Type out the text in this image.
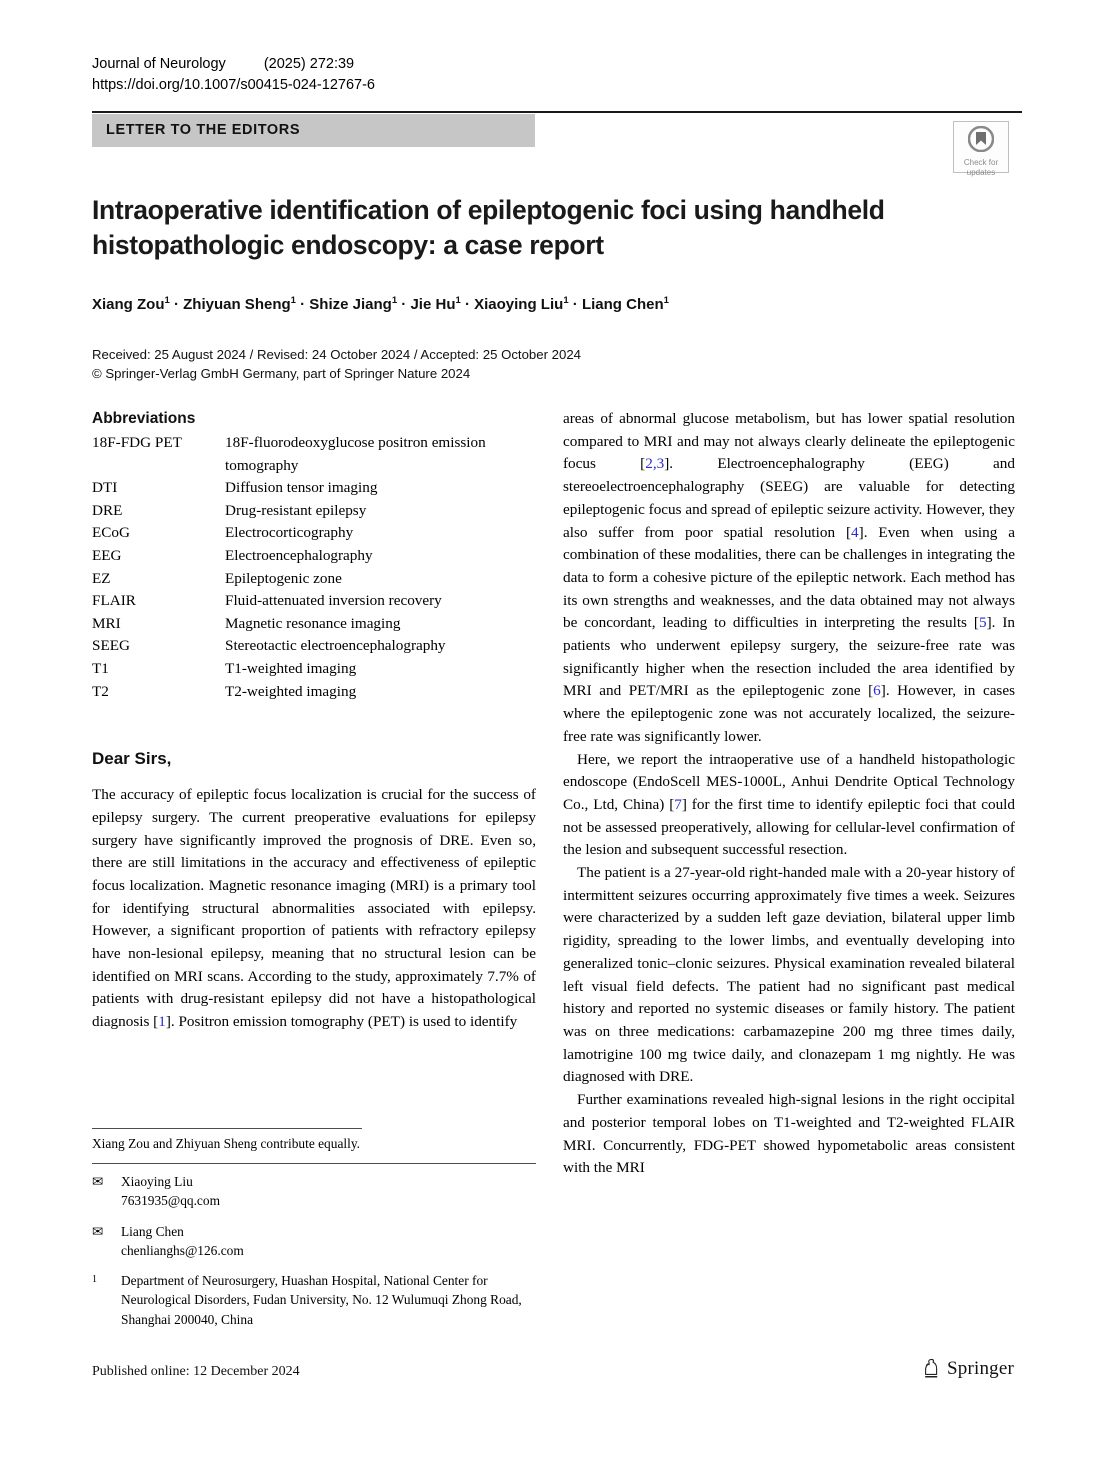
Journal of Neurology	(2025) 272:39
https://doi.org/10.1007/s00415-024-12767-6
LETTER TO THE EDITORS
Check for
updates
Intraoperative identification of epileptogenic foci using handheld histopathologic endoscopy: a case report
Xiang Zou$^1$ · Zhiyuan Sheng$^1$ · Shize Jiang$^1$ · Jie $Hu^1$ · Xiaoying Liu$^1$ · Liang Chen$^1$
Received: 25 August 2024 / Revised: 24 October 2024 / Accepted: 25 October 2024
© Springer-Verlag GmbH Germany, part of Springer Nature 2024
Abbreviations
18F-FDG PET	18F-fluorodeoxyglucose positron emission tomography
DTI	Diffusion tensor imaging
DRE	Drug-resistant epilepsy
ECoG	Electrocorticography
EEG	Electroencephalography
EZ	Epileptogenic zone
FLAIR	Fluid-attenuated inversion recovery
MRI	Magnetic resonance imaging
SEEG	Stereotactic electroencephalography
T1	T1-weighted imaging
T2	T2-weighted imaging
Dear Sirs,

The accuracy of epileptic focus localization is crucial for the success of epilepsy surgery. The current preoperative evaluations for epilepsy surgery have significantly improved the prognosis of DRE. Even so, there are still limitations in the accuracy and effectiveness of epileptic focus localization. Magnetic resonance imaging (MRI) is a primary tool for identifying structural abnormalities associated with epilepsy. However, a significant proportion of patients with refractory epilepsy have non-lesional epilepsy, meaning that no structural lesion can be identified on MRI scans. According to the study, approximately 7.7% of patients with drug-resistant epilepsy did not have a histopathological diagnosis [1]. Positron emission tomography (PET) is used to identify

areas of abnormal glucose metabolism, but has lower spatial resolution compared to MRI and may not always clearly delineate the epileptogenic focus [2,3]. Electroencephalography (EEG) and stereoelectroencephalography (SEEG) are valuable for detecting epileptogenic focus and spread of epileptic seizure activity. However, they also suffer from poor spatial resolution [4]. Even when using a combination of these modalities, there can be challenges in integrating the data to form a cohesive picture of the epileptic network. Each method has its own strengths and weaknesses, and the data obtained may not always be concordant, leading to difficulties in interpreting the results [5]. In patients who underwent epilepsy surgery, the seizure-free rate was significantly higher when the resection included the area identified by MRI and PET/MRI as the epileptogenic zone [6]. However, in cases where the epileptogenic zone was not accurately localized, the seizure-free rate was significantly lower.

Here, we report the intraoperative use of a handheld histopathologic endoscope (EndoScell MES-1000L, Anhui Dendrite Optical Technology Co., Ltd, China) [7] for the first time to identify epileptic foci that could not be assessed preoperatively, allowing for cellular-level confirmation of the lesion and subsequent successful resection.

The patient is a 27-year-old right-handed male with a 20-year history of intermittent seizures occurring approximately five times a week. Seizures were characterized by a sudden left gaze deviation, bilateral upper limb rigidity, spreading to the lower limbs, and eventually developing into generalized tonic–clonic seizures. Physical examination revealed bilateral left visual field defects. The patient had no significant past medical history and reported no systemic diseases or family history. The patient was on three medications: carbamazepine 200 mg three times daily, lamotrigine 100 mg twice daily, and clonazepam 1 mg nightly. He was diagnosed with DRE.

Further examinations revealed high-signal lesions in the right occipital and posterior temporal lobes on T1-weighted and T2-weighted FLAIR MRI. Concurrently, FDG-PET showed hypometabolic areas consistent with the MRI

Xiang Zou and Zhiyuan Sheng contribute equally.
✉	Xiaoying Liu
7631935@qq.com
✉	Liang Chen
chenlianghs@126.com
1	Department of Neurosurgery, Huashan Hospital, National Center for Neurological Disorders, Fudan University, No. 12 Wulumuqi Zhong Road, Shanghai 200040, China
Published online: 12 December 2024	Springer
